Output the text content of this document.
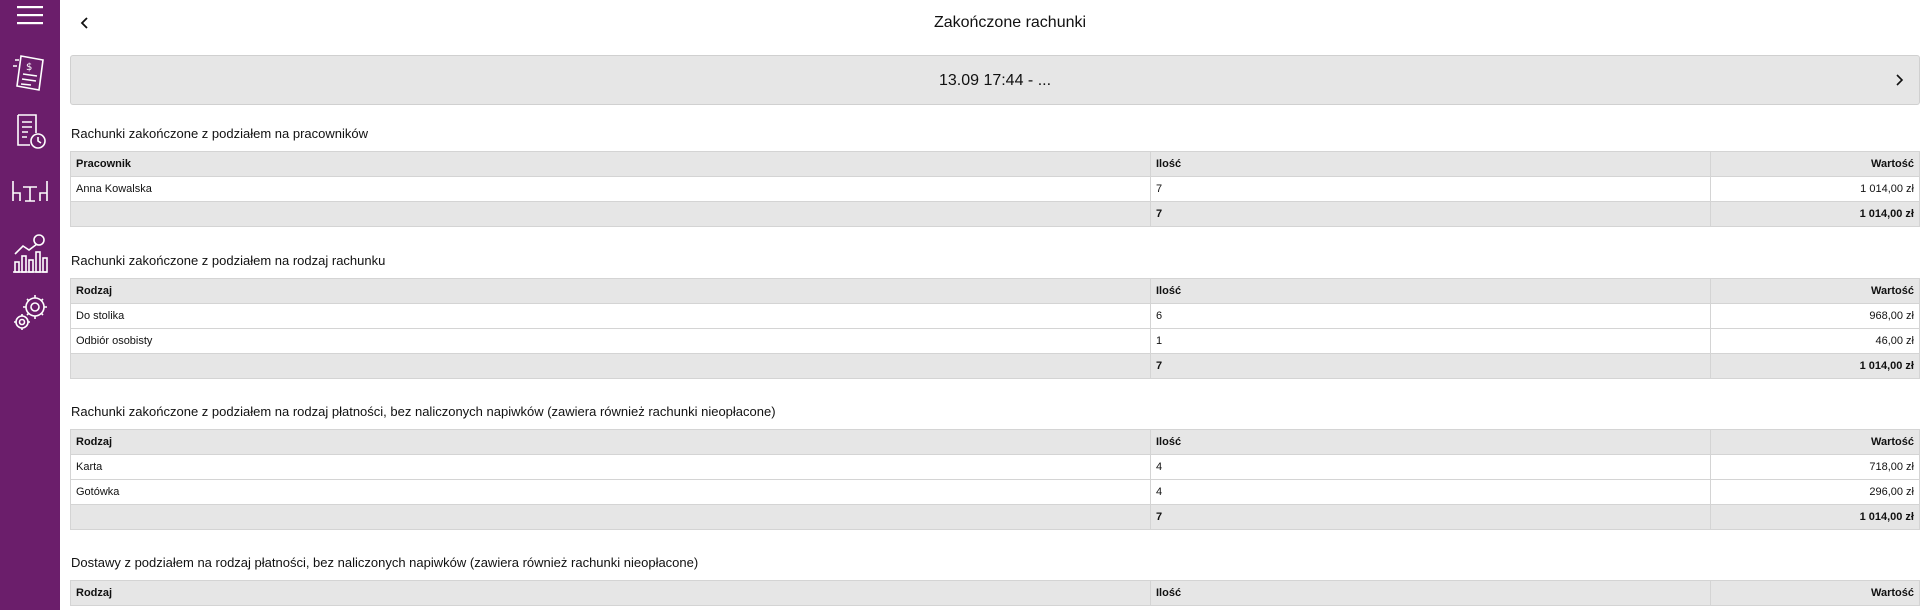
$
Zakończone rachunki
13.09 17:44 - ...
Rachunki zakończone z podziałem na pracowników
Pracownik	Ilość	Wartość
Anna Kowalska	7	1 014,00 zł
	7	1 014,00 zł
Rachunki zakończone z podziałem na rodzaj rachunku
Rodzaj	Ilość	Wartość
Do stolika	6	968,00 zł
Odbiór osobisty	1	46,00 zł
	7	1 014,00 zł
Rachunki zakończone z podziałem na rodzaj płatności, bez naliczonych napiwków (zawiera również rachunki nieopłacone)
Rodzaj	Ilość	Wartość
Karta	4	718,00 zł
Gotówka	4	296,00 zł
	7	1 014,00 zł
Dostawy z podziałem na rodzaj płatności, bez naliczonych napiwków (zawiera również rachunki nieopłacone)
Rodzaj	Ilość	Wartość
